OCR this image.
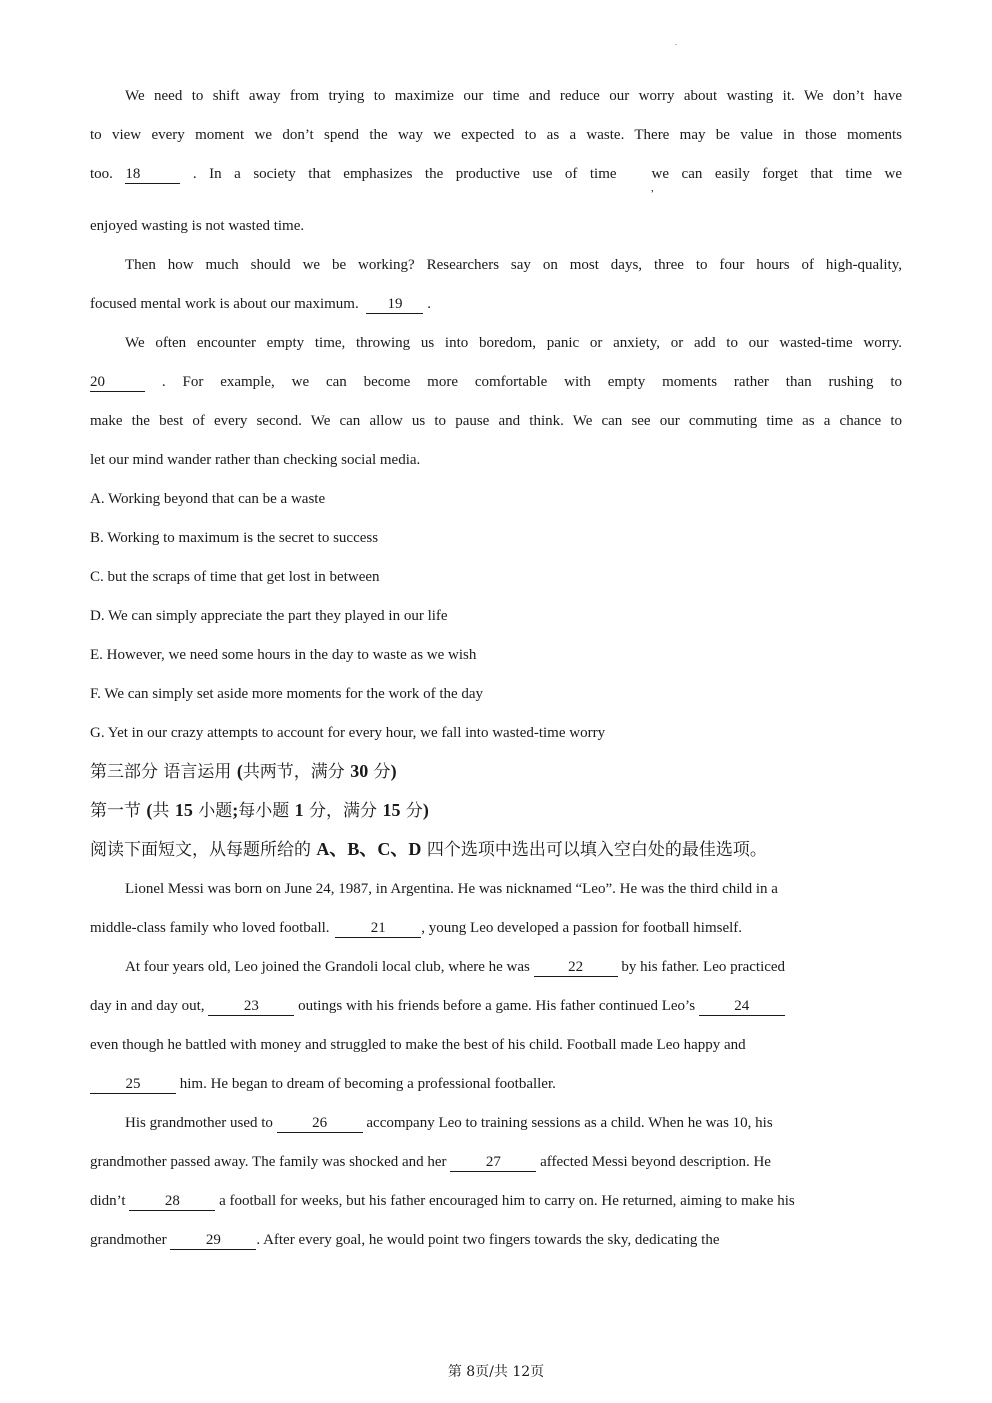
We need to shift away from trying to maximize our time and reduce our worry about wasting it. We don’t have
to view every moment we don’t spend the way we expected to as a waste. There may be value in those moments
too. 18	. In a society that emphasizes the productive use of time we can easily forget that time we
,
enjoyed wasting is not wasted time.
Then how much should we be working? Researchers say on most days, three to four hours of high-quality,
focused mental work is about our maximum. 19 .
We often encounter empty time, throwing us into boredom, panic or anxiety, or add to our wasted-time worry.
20	. For example, we can become more comfortable with empty moments rather than rushing to
make the best of every second. We can allow us to pause and think. We can see our commuting time as a chance to
let our mind wander rather than checking social media.
A. Working beyond that can be a waste
B. Working to maximum is the secret to success
C. but the scraps of time that get lost in between
D. We can simply appreciate the part they played in our life
E. However, we need some hours in the day to waste as we wish
F. We can simply set aside more moments for the work of the day
G. Yet in our crazy attempts to account for every hour, we fall into wasted-time worry
第三部分 语言运用 (共两节，满分 30 分)
第一节 (共 15 小题;每小题 1 分，满分 15 分)
阅读下面短文，从每题所给的 A、B、C、D 四个选项中选出可以填入空白处的最佳选项。
Lionel Messi was born on June 24, 1987, in Argentina. He was nicknamed “Leo”. He was the third child in a
middle-class family who loved football.	21 , young Leo developed a passion for football himself.
At four years old, Leo joined the Grandoli local club, where he was	22	by his father. Leo practiced
day in and day out,	23	outings with his friends before a game. His father continued Leo’s	24
even though he battled with money and struggled to make the best of his child. Football made Leo happy and
25	him. He began to dream of becoming a professional footballer.
His grandmother used to	26	accompany Leo to training sessions as a child. When he was 10, his
grandmother passed away. The family was shocked and her	27	affected Messi beyond description. He
didn’t	28	a football for weeks, but his father encouraged him to carry on. He returned, aiming to make his
grandmother	29 . After every goal, he would point two fingers towards the sky, dedicating the
第 8页/共 12页
